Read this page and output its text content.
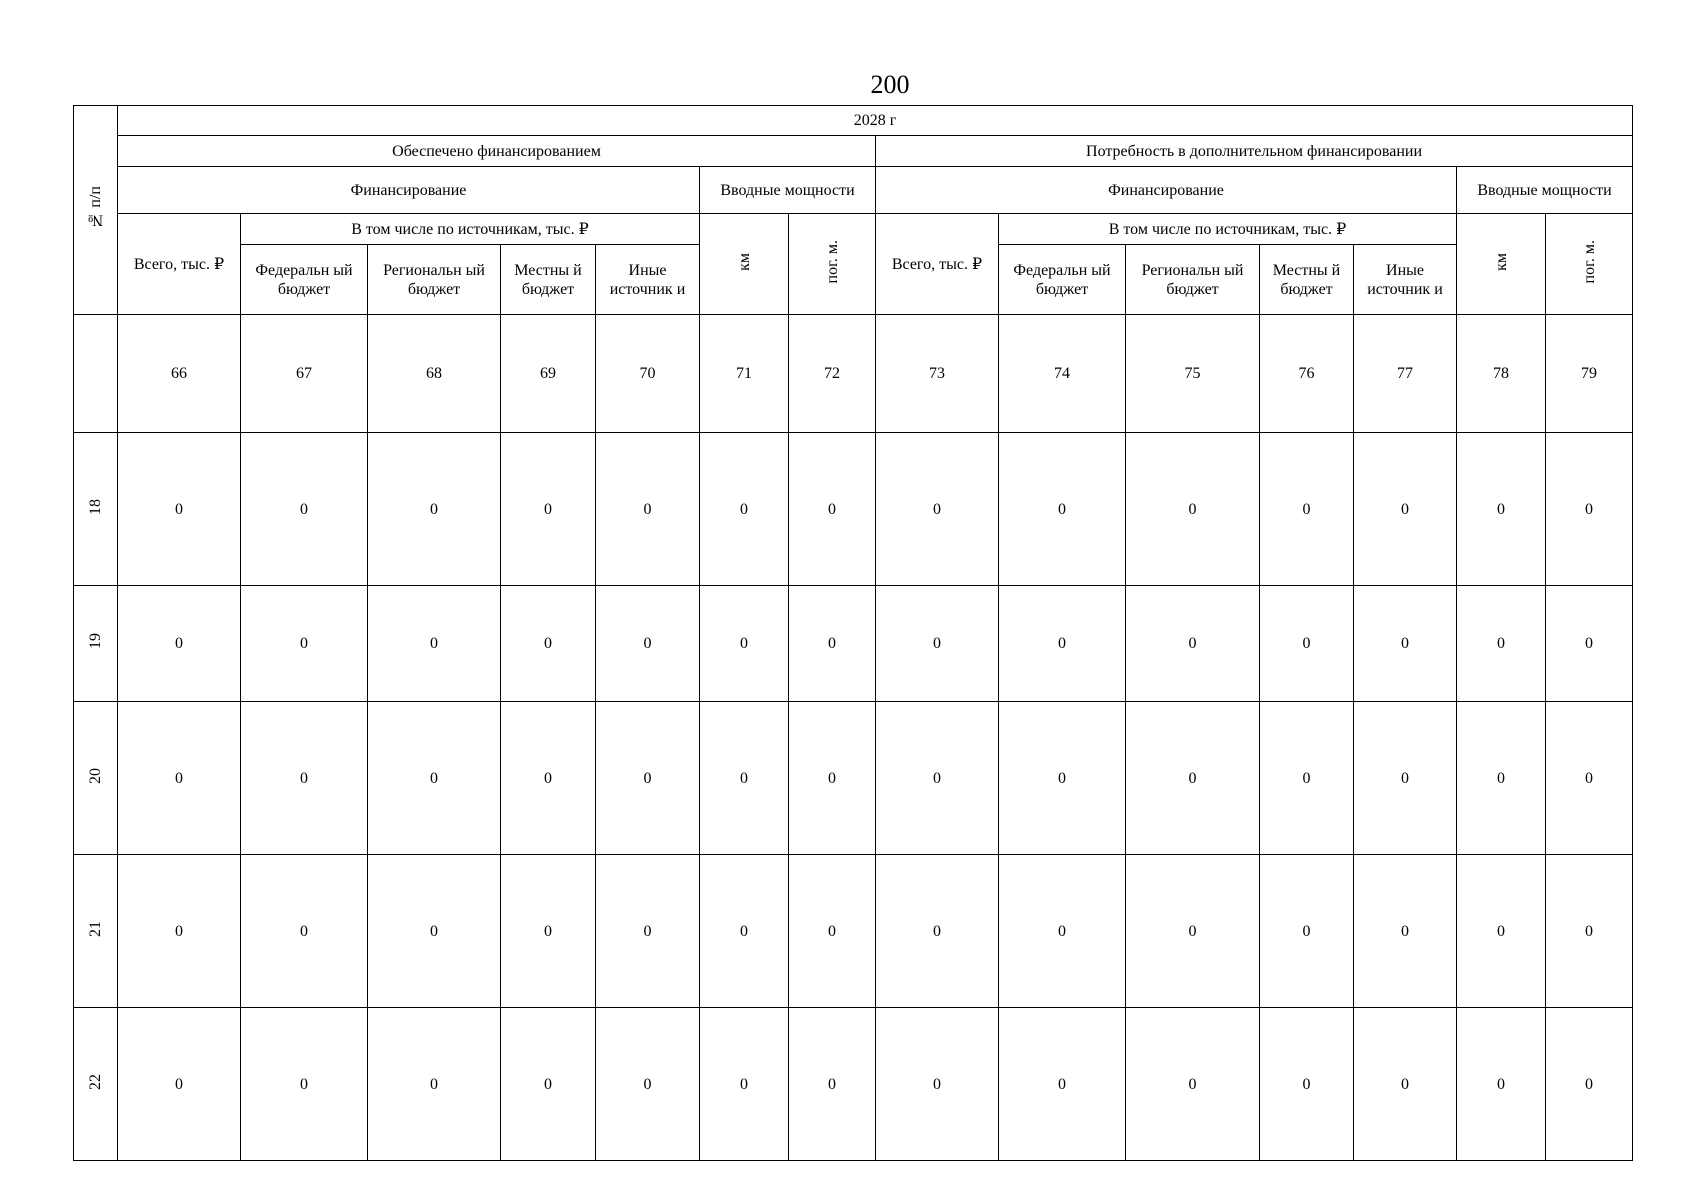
200
№ п/п	2028 г													
	Обеспечено финансированием							Потребность в дополнительном финансировании						
	Финансирование					Вводные мощности		Финансирование					Вводные мощности	
	Всего, тыс. ₽	В том числе по источникам, тыс. ₽				км	пог. м.	Всего, тыс. ₽	В том числе по источникам, тыс. ₽				км	пог. м.
		Федеральн ый бюджет	Региональн ый бюджет	Местны й бюджет	Иные источник и				Федеральн ый бюджет	Региональн ый бюджет	Местны й бюджет	Иные источник и		
	66	67	68	69	70	71	72	73	74	75	76	77	78	79
18	0	0	0	0	0	0	0	0	0	0	0	0	0	0
19	0	0	0	0	0	0	0	0	0	0	0	0	0	0
20	0	0	0	0	0	0	0	0	0	0	0	0	0	0
21	0	0	0	0	0	0	0	0	0	0	0	0	0	0
22	0	0	0	0	0	0	0	0	0	0	0	0	0	0
